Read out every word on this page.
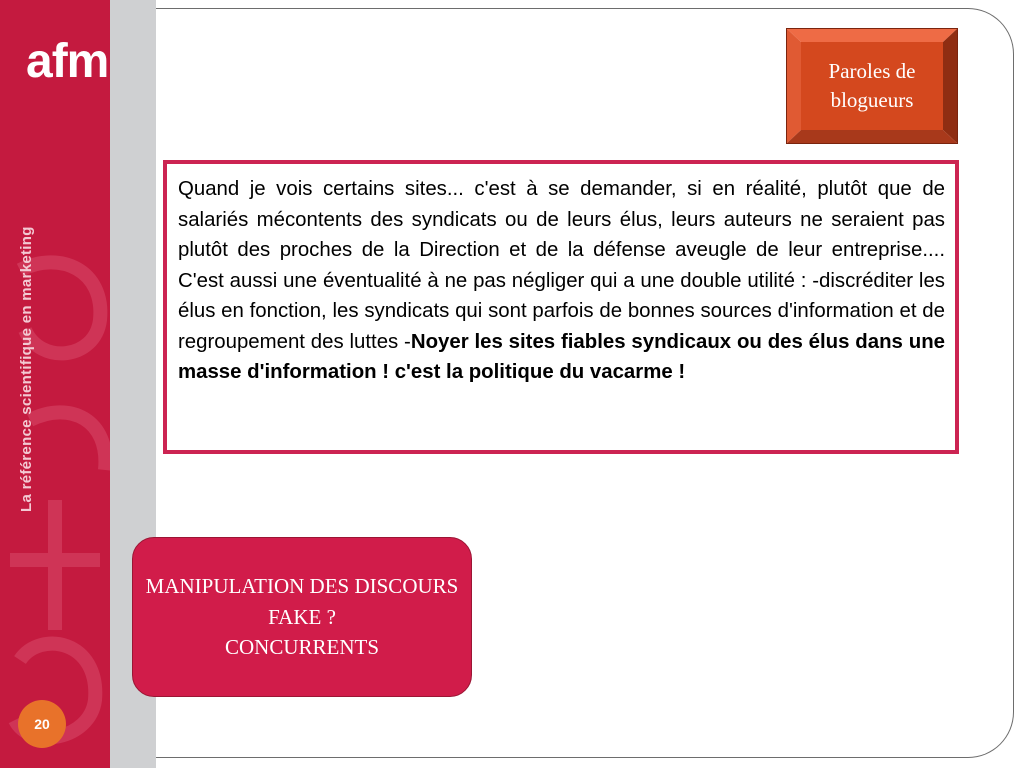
afm
La référence scientifique en marketing
Paroles de blogueurs

Quand je vois certains sites... c'est à se demander, si en réalité, plutôt que de salariés mécontents des syndicats ou de leurs élus, leurs auteurs ne seraient pas plutôt des proches de la Direction et de la défense aveugle de leur entreprise.... C'est aussi une éventualité à ne pas négliger qui a une double utilité : -discréditer les élus en fonction, les syndicats qui sont parfois de bonnes sources d'information et de regroupement des luttes -Noyer les sites fiables syndicaux ou des élus dans une masse d'information ! c'est la politique du vacarme !

MANIPULATION DES DISCOURS
FAKE ?
CONCURRENTS
20
